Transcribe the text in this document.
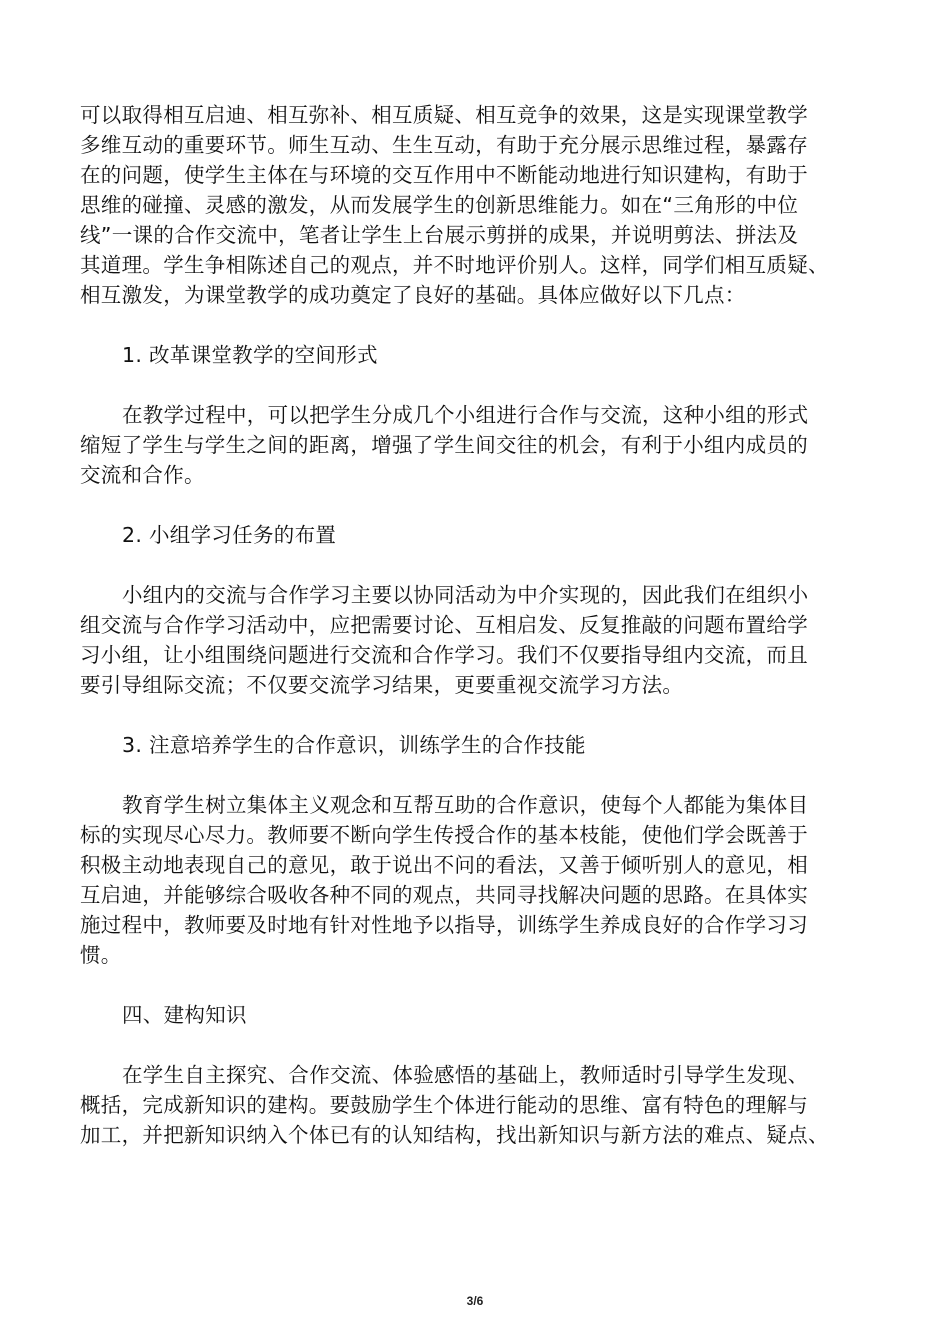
可以取得相互启迪、相互弥补、相互质疑、相互竞争的效果，这是实现课堂教学
多维互动的重要环节。师生互动、生生互动，有助于充分展示思维过程，暴露存
在的问题，使学生主体在与环境的交互作用中不断能动地进行知识建构，有助于
思维的碰撞、灵感的激发，从而发展学生的创新思维能力。如在“三角形的中位
线”一课的合作交流中，笔者让学生上台展示剪拼的成果，并说明剪法、拼法及
其道理。学生争相陈述自己的观点，并不时地评价别人。这样，同学们相互质疑、
相互激发，为课堂教学的成功奠定了良好的基础。具体应做好以下几点：
1. 改革课堂教学的空间形式
在教学过程中，可以把学生分成几个小组进行合作与交流，这种小组的形式
缩短了学生与学生之间的距离，增强了学生间交往的机会，有利于小组内成员的
交流和合作。
2. 小组学习任务的布置
小组内的交流与合作学习主要以协同活动为中介实现的，因此我们在组织小
组交流与合作学习活动中，应把需要讨论、互相启发、反复推敲的问题布置给学
习小组，让小组围绕问题进行交流和合作学习。我们不仅要指导组内交流，而且
要引导组际交流；不仅要交流学习结果，更要重视交流学习方法。
3. 注意培养学生的合作意识，训练学生的合作技能
教育学生树立集体主义观念和互帮互助的合作意识，使每个人都能为集体目
标的实现尽心尽力。教师要不断向学生传授合作的基本枝能，使他们学会既善于
积极主动地表现自己的意见，敢于说出不问的看法，又善于倾听别人的意见，相
互启迪，并能够综合吸收各种不同的观点，共同寻找解决问题的思路。在具体实
施过程中，教师要及时地有针对性地予以指导，训练学生养成良好的合作学习习
惯。
四、建构知识
在学生自主探究、合作交流、体验感悟的基础上，教师适时引导学生发现、
概括，完成新知识的建构。要鼓励学生个体进行能动的思维、富有特色的理解与
加工，并把新知识纳入个体已有的认知结构，找出新知识与新方法的难点、疑点、
3/6
